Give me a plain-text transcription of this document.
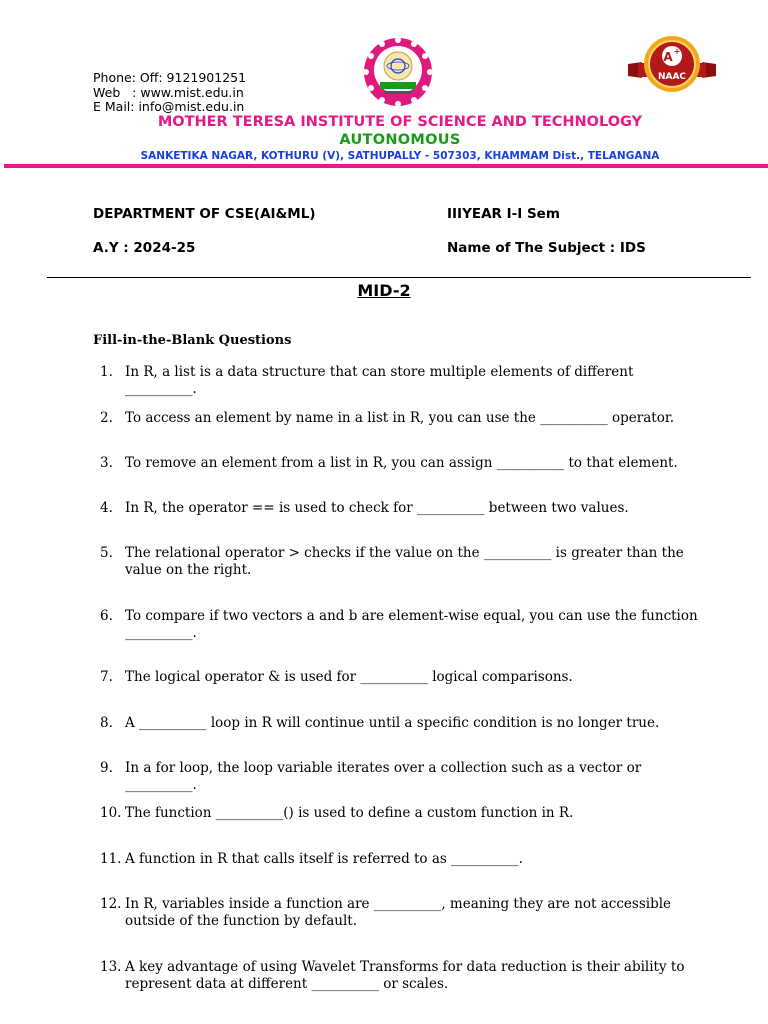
Phone: Off: 9121901251
Web   : www.mist.edu.in
E Mail: info@mist.edu.in
A +
NAAC
MOTHER TERESA INSTITUTE OF SCIENCE AND TECHNOLOGY
AUTONOMOUS
SANKETIKA NAGAR, KOTHURU (V), SATHUPALLY - 507303, KHAMMAM Dist., TELANGANA
DEPARTMENT OF CSE(AI&ML)	IIIYEAR I-I Sem
A.Y : 2024-25	Name of The Subject : IDS
MID-2
Fill-in-the-Blank Questions
1. In R, a list is a data structure that can store multiple elements of different __________.
2. To access an element by name in a list in R, you can use the __________ operator.
3. To remove an element from a list in R, you can assign __________ to that element.
4. In R, the operator == is used to check for __________ between two values.
5. The relational operator > checks if the value on the __________ is greater than the value on the right.
6. To compare if two vectors a and b are element-wise equal, you can use the function __________.
7. The logical operator & is used for __________ logical comparisons.
8. A __________ loop in R will continue until a specific condition is no longer true.
9. In a for loop, the loop variable iterates over a collection such as a vector or __________.
10. The function __________() is used to define a custom function in R.
11. A function in R that calls itself is referred to as __________.
12. In R, variables inside a function are __________, meaning they are not accessible outside of the function by default.
13. A key advantage of using Wavelet Transforms for data reduction is their ability to represent data at different __________ or scales.
